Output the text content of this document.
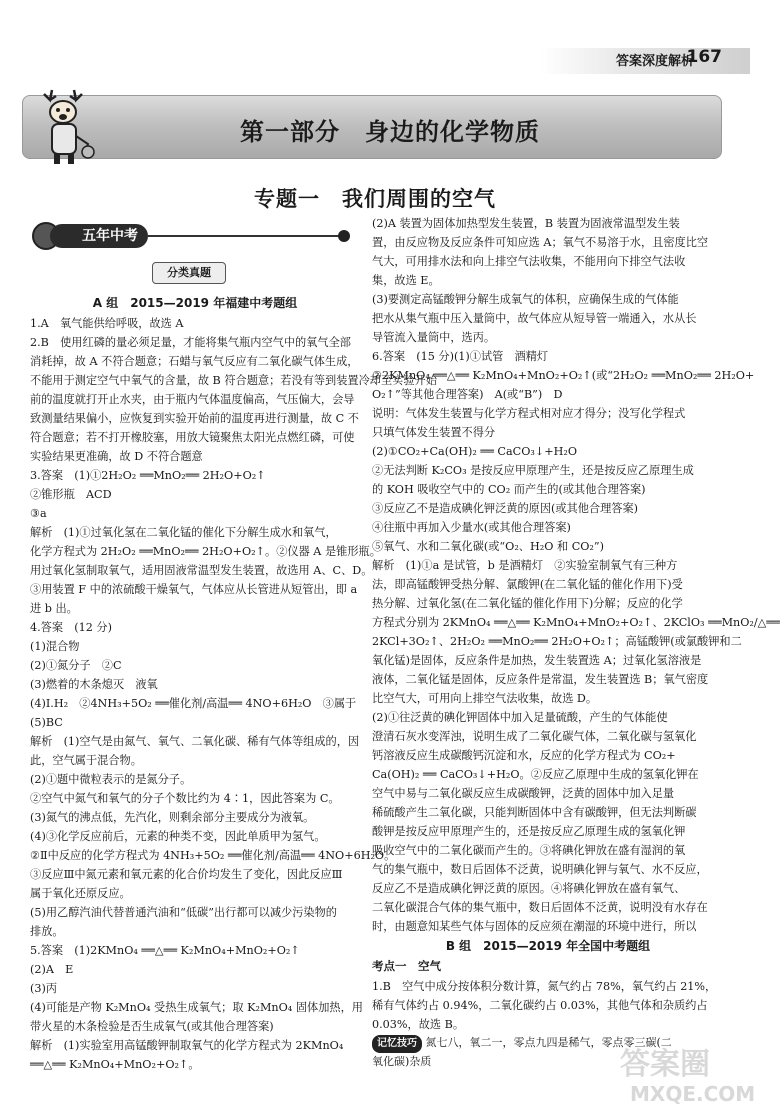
答案深度解析
167
第一部分　身边的化学物质
专题一　我们周围的空气
五年中考
分类真题
A 组　2015—2019 年福建中考题组

1.A　氧气能供给呼吸，故选 A

2.B　使用红磷的量必须足量，才能将集气瓶内空气中的氧气全部

消耗掉，故 A 不符合题意；石蜡与氧气反应有二氧化碳气体生成，

不能用于测定空气中氧气的含量，故 B 符合题意；若没有等到装置冷却至实验开始

前的温度就打开止水夹，由于瓶内气体温度偏高，气压偏大，会导

致测量结果偏小，应恢复到实验开始前的温度再进行测量，故 C 不

符合题意；若不打开橡胶塞，用放大镜聚焦太阳光点燃红磷，可使

实验结果更准确，故 D 不符合题意

3.答案　(1)①2H₂O₂ ══MnO₂══ 2H₂O+O₂↑

②锥形瓶　ACD

③a

解析　(1)①过氧化氢在二氧化锰的催化下分解生成水和氧气，

化学方程式为 2H₂O₂ ══MnO₂══ 2H₂O+O₂↑。②仪器 A 是锥形瓶。

用过氧化氢制取氧气，适用固液常温型发生装置，故选用 A、C、D。

③用装置 F 中的浓硫酸干燥氧气，气体应从长管进从短管出，即 a

进 b 出。

4.答案　(12 分)

(1)混合物

(2)①氮分子　②C

(3)燃着的木条熄灭　液氧

(4)Ⅰ.H₂　②4NH₃+5O₂ ══催化剂/高温══ 4NO+6H₂O　③属于

(5)BC

解析　(1)空气是由氮气、氧气、二氧化碳、稀有气体等组成的，因

此，空气属于混合物。

(2)①题中微粒表示的是氮分子。

②空气中氮气和氧气的分子个数比约为 4∶1，因此答案为 C。

(3)氮气的沸点低，先汽化，则剩余部分主要成分为液氧。

(4)③化学反应前后，元素的种类不变，因此单质甲为氢气。

②Ⅱ中反应的化学方程式为 4NH₃+5O₂ ══催化剂/高温══ 4NO+6H₂O。

③反应Ⅲ中氮元素和氧元素的化合价均发生了变化，因此反应Ⅲ

属于氧化还原反应。

(5)用乙醇汽油代替普通汽油和“低碳”出行都可以减少污染物的

排放。

5.答案　(1)2KMnO₄ ══△══ K₂MnO₄+MnO₂+O₂↑

(2)A　E

(3)丙

(4)可能是产物 K₂MnO₄ 受热生成氧气；取 K₂MnO₄ 固体加热，用

带火星的木条检验是否生成氧气(或其他合理答案)

解析　(1)实验室用高锰酸钾制取氧气的化学方程式为 2KMnO₄

══△══ K₂MnO₄+MnO₂+O₂↑。

(2)A 装置为固体加热型发生装置，B 装置为固液常温型发生装

置，由反应物及反应条件可知应选 A；氧气不易溶于水，且密度比空

气大，可用排水法和向上排空气法收集，不能用向下排空气法收

集，故选 E。

(3)要测定高锰酸钾分解生成氧气的体积，应确保生成的气体能

把水从集气瓶中压入量筒中，故气体应从短导管一端通入，水从长

导管流入量筒中，选丙。

6.答案　(15 分)(1)①试管　酒精灯

②2KMnO₄ ══△══ K₂MnO₄+MnO₂+O₂↑(或“2H₂O₂ ══MnO₂══ 2H₂O+

O₂↑”等其他合理答案)　A(或“B”)　D

说明：气体发生装置与化学方程式相对应才得分；没写化学程式

只填气体发生装置不得分

(2)①CO₂+Ca(OH)₂ ══ CaCO₃↓+H₂O

②无法判断 K₂CO₃ 是按反应甲原理产生，还是按反应乙原理生成

的 KOH 吸收空气中的 CO₂ 而产生的(或其他合理答案)

③反应乙不是造成碘化钾泛黄的原因(或其他合理答案)

④往瓶中再加入少量水(或其他合理答案)

⑤氧气、水和二氧化碳(或“O₂、H₂O 和 CO₂”)

解析　(1)①a 是试管，b 是酒精灯　②实验室制氧气有三种方

法，即高锰酸钾受热分解、氯酸钾(在二氧化锰的催化作用下)受

热分解、过氧化氢(在二氧化锰的催化作用下)分解；反应的化学

方程式分别为 2KMnO₄ ══△══ K₂MnO₄+MnO₂+O₂↑、2KClO₃ ══MnO₂/△══

2KCl+3O₂↑、2H₂O₂ ══MnO₂══ 2H₂O+O₂↑；高锰酸钾(或氯酸钾和二

氧化锰)是固体，反应条件是加热，发生装置选 A；过氧化氢溶液是

液体，二氧化锰是固体，反应条件是常温，发生装置选 B；氧气密度

比空气大，可用向上排空气法收集，故选 D。

(2)①往泛黄的碘化钾固体中加入足量硫酸，产生的气体能使

澄清石灰水变浑浊，说明生成了二氧化碳气体，二氧化碳与氢氧化

钙溶液反应生成碳酸钙沉淀和水，反应的化学方程式为 CO₂+

Ca(OH)₂ ══ CaCO₃↓+H₂O。②反应乙原理中生成的氢氧化钾在

空气中易与二氧化碳反应生成碳酸钾，泛黄的固体中加入足量

稀硫酸产生二氧化碳，只能判断固体中含有碳酸钾，但无法判断碳

酸钾是按反应甲原理产生的，还是按反应乙原理生成的氢氧化钾

吸收空气中的二氧化碳而产生的。③将碘化钾放在盛有湿润的氧

气的集气瓶中，数日后固体不泛黄，说明碘化钾与氧气、水不反应，

反应乙不是造成碘化钾泛黄的原因。④将碘化钾放在盛有氧气、

二氧化碳混合气体的集气瓶中，数日后固体不泛黄，说明没有水存在

时，由题意知某些气体与固体的反应须在潮湿的环境中进行，所以

B 组　2015—2019 年全国中考题组
考点一　空气

1.B　空气中成分按体积分数计算，氮气约占 78%，氧气约占 21%，

稀有气体约占 0.94%，二氧化碳约占 0.03%，其他气体和杂质约占

0.03%，故选 B。

记忆技巧 氮七八，氧二一，零点九四是稀气，零点零三碳(二

氧化碳)杂质	答案圈
MXQE.COM
